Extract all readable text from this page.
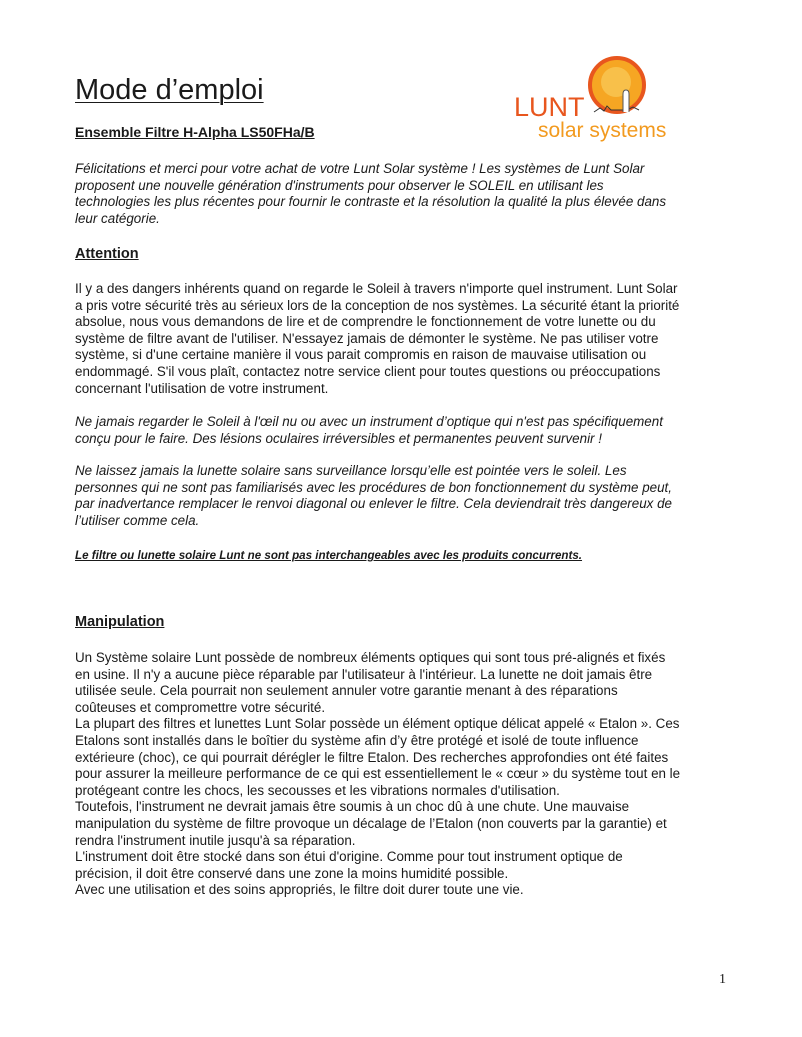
LUNT
solar systems
Mode d’emploi
Ensemble Filtre H-Alpha LS50FHa/B
Félicitations et merci pour votre achat de votre Lunt Solar système ! Les systèmes de Lunt Solar
proposent une nouvelle génération d'instruments pour observer le SOLEIL en utilisant les
technologies les plus récentes pour fournir le contraste et la résolution la qualité la plus élevée dans
leur catégorie.
Attention
Il y a des dangers inhérents quand on regarde le Soleil à travers n'importe quel instrument. Lunt Solar
a pris votre sécurité très au sérieux lors de la conception de nos systèmes. La sécurité étant la priorité
absolue, nous vous demandons de lire et de comprendre le fonctionnement de votre lunette ou du
système de filtre avant de l'utiliser. N'essayez jamais de démonter le système. Ne pas utiliser votre
système, si d'une certaine manière il vous parait compromis en raison de mauvaise utilisation ou
endommagé. S'il vous plaît, contactez notre service client pour toutes questions ou préoccupations
concernant l'utilisation de votre instrument.
Ne jamais regarder le Soleil à l'œil nu ou avec un instrument d’optique qui n'est pas spécifiquement
conçu pour le faire. Des lésions oculaires irréversibles et permanentes peuvent survenir !
Ne laissez jamais la lunette solaire sans surveillance lorsqu’elle est pointée vers le soleil. Les
personnes qui ne sont pas familiarisés avec les procédures de bon fonctionnement du système peut,
par inadvertance remplacer le renvoi diagonal ou enlever le filtre. Cela deviendrait très dangereux de
l’utiliser comme cela.
Le filtre ou lunette solaire Lunt ne sont pas interchangeables avec les produits concurrents.
Manipulation
Un Système solaire Lunt possède de nombreux éléments optiques qui sont tous pré-alignés et fixés
en usine. Il n'y a aucune pièce réparable par l'utilisateur à l'intérieur. La lunette ne doit jamais être
utilisée seule. Cela pourrait non seulement annuler votre garantie menant à des réparations
coûteuses et compromettre votre sécurité.
La plupart des filtres et lunettes Lunt Solar possède un élément optique délicat appelé « Etalon ». Ces
Etalons sont installés dans le boîtier du système afin d’y être protégé et isolé de toute influence
extérieure (choc), ce qui pourrait dérégler le filtre Etalon. Des recherches approfondies ont été faites
pour assurer la meilleure performance de ce qui est essentiellement le « cœur » du système tout en le
protégeant contre les chocs, les secousses et les vibrations normales d'utilisation.
Toutefois, l'instrument ne devrait jamais être soumis à un choc dû à une chute. Une mauvaise
manipulation du système de filtre provoque un décalage de l’Etalon (non couverts par la garantie) et
rendra l'instrument inutile jusqu'à sa réparation.
L'instrument doit être stocké dans son étui d'origine. Comme pour tout instrument optique de
précision, il doit être conservé dans une zone la moins humidité possible.
Avec une utilisation et des soins appropriés, le filtre doit durer toute une vie.
1
